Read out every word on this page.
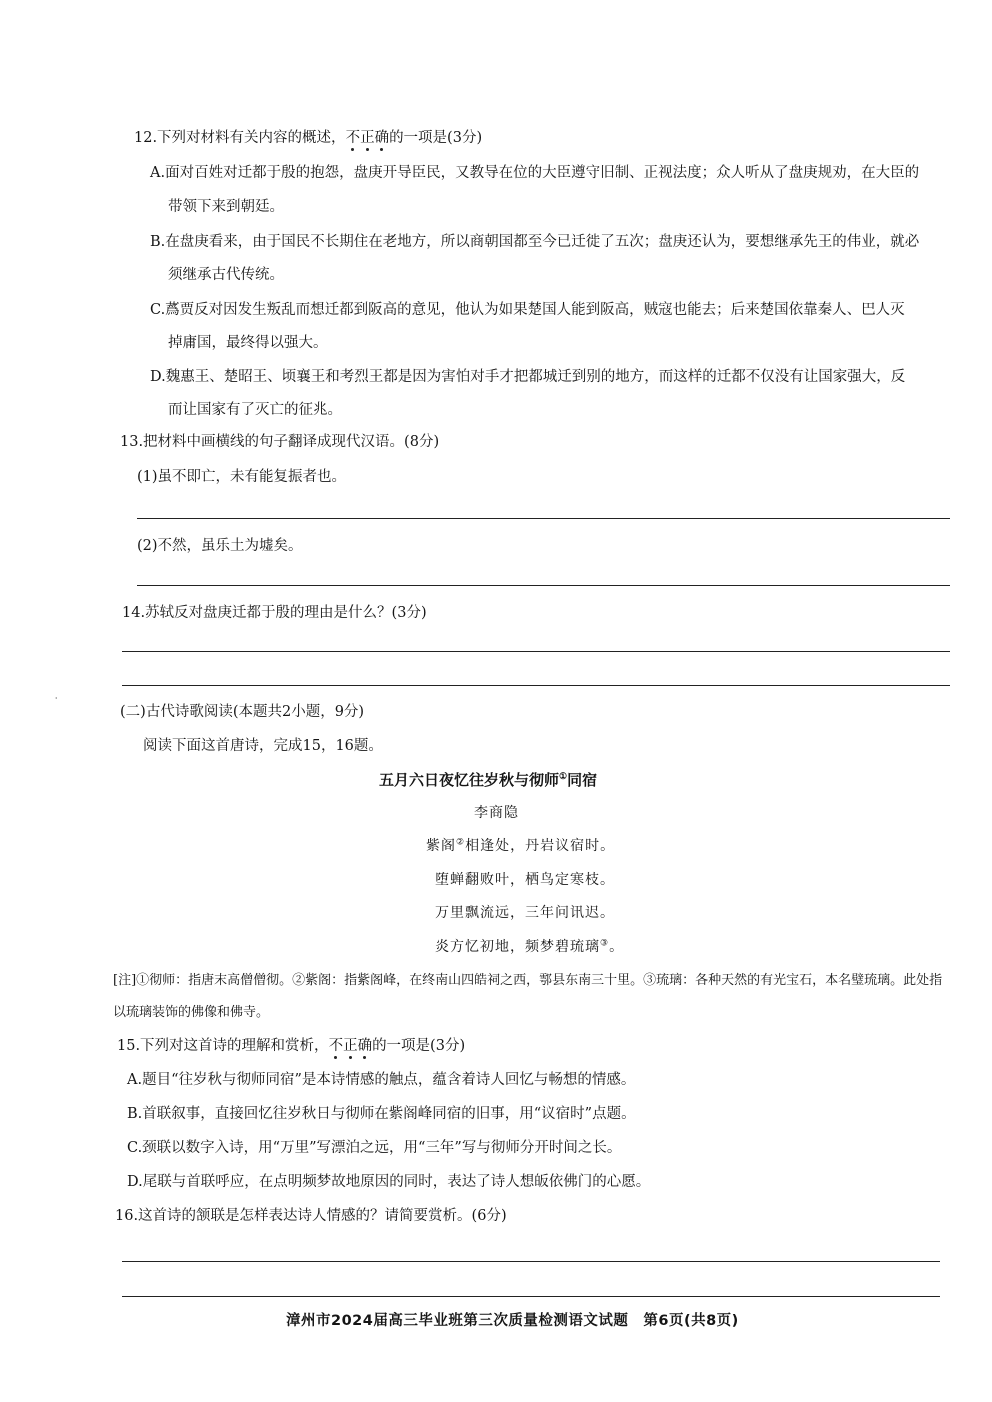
12.下列对材料有关内容的概述，不正确的一项是(3分)
A.面对百姓对迁都于殷的抱怨，盘庚开导臣民，又教导在位的大臣遵守旧制、正视法度；众人听从了盘庚规劝，在大臣的
带领下来到朝廷。
B.在盘庚看来，由于国民不长期住在老地方，所以商朝国都至今已迁徙了五次；盘庚还认为，要想继承先王的伟业，就必
须继承古代传统。
C.蔿贾反对因发生叛乱而想迁都到阪高的意见，他认为如果楚国人能到阪高，贼寇也能去；后来楚国依靠秦人、巴人灭
掉庸国，最终得以强大。
D.魏惠王、楚昭王、顷襄王和考烈王都是因为害怕对手才把都城迁到别的地方，而这样的迁都不仅没有让国家强大，反
而让国家有了灭亡的征兆。
13.把材料中画横线的句子翻译成现代汉语。(8分)
(1)虽不即亡，未有能复振者也。
(2)不然，虽乐土为墟矣。
14.苏轼反对盘庚迁都于殷的理由是什么？(3分)
⸳
(二)古代诗歌阅读(本题共2小题，9分)
阅读下面这首唐诗，完成15，16题。
五月六日夜忆往岁秋与彻师①同宿
李商隐
紫阁②相逢处，丹岩议宿时。
堕蝉翻败叶，栖鸟定寒枝。
万里飘流远，三年问讯迟。
炎方忆初地，频梦碧琉璃③。
[注]①彻师：指唐末高僧僧彻。②紫阁：指紫阁峰，在终南山四皓祠之西，鄠县东南三十里。③琉璃：各种天然的有光宝石，本名璧琉璃。此处指
以琉璃装饰的佛像和佛寺。
15.下列对这首诗的理解和赏析，不正确的一项是(3分)
A.题目“往岁秋与彻师同宿”是本诗情感的触点，蕴含着诗人回忆与畅想的情感。
B.首联叙事，直接回忆往岁秋日与彻师在紫阁峰同宿的旧事，用“议宿时”点题。
C.颈联以数字入诗，用“万里”写漂泊之远，用“三年”写与彻师分开时间之长。
D.尾联与首联呼应，在点明频梦故地原因的同时，表达了诗人想皈依佛门的心愿。
16.这首诗的颔联是怎样表达诗人情感的？请简要赏析。(6分)
漳州市2024届高三毕业班第三次质量检测语文试题　第6页(共8页)
